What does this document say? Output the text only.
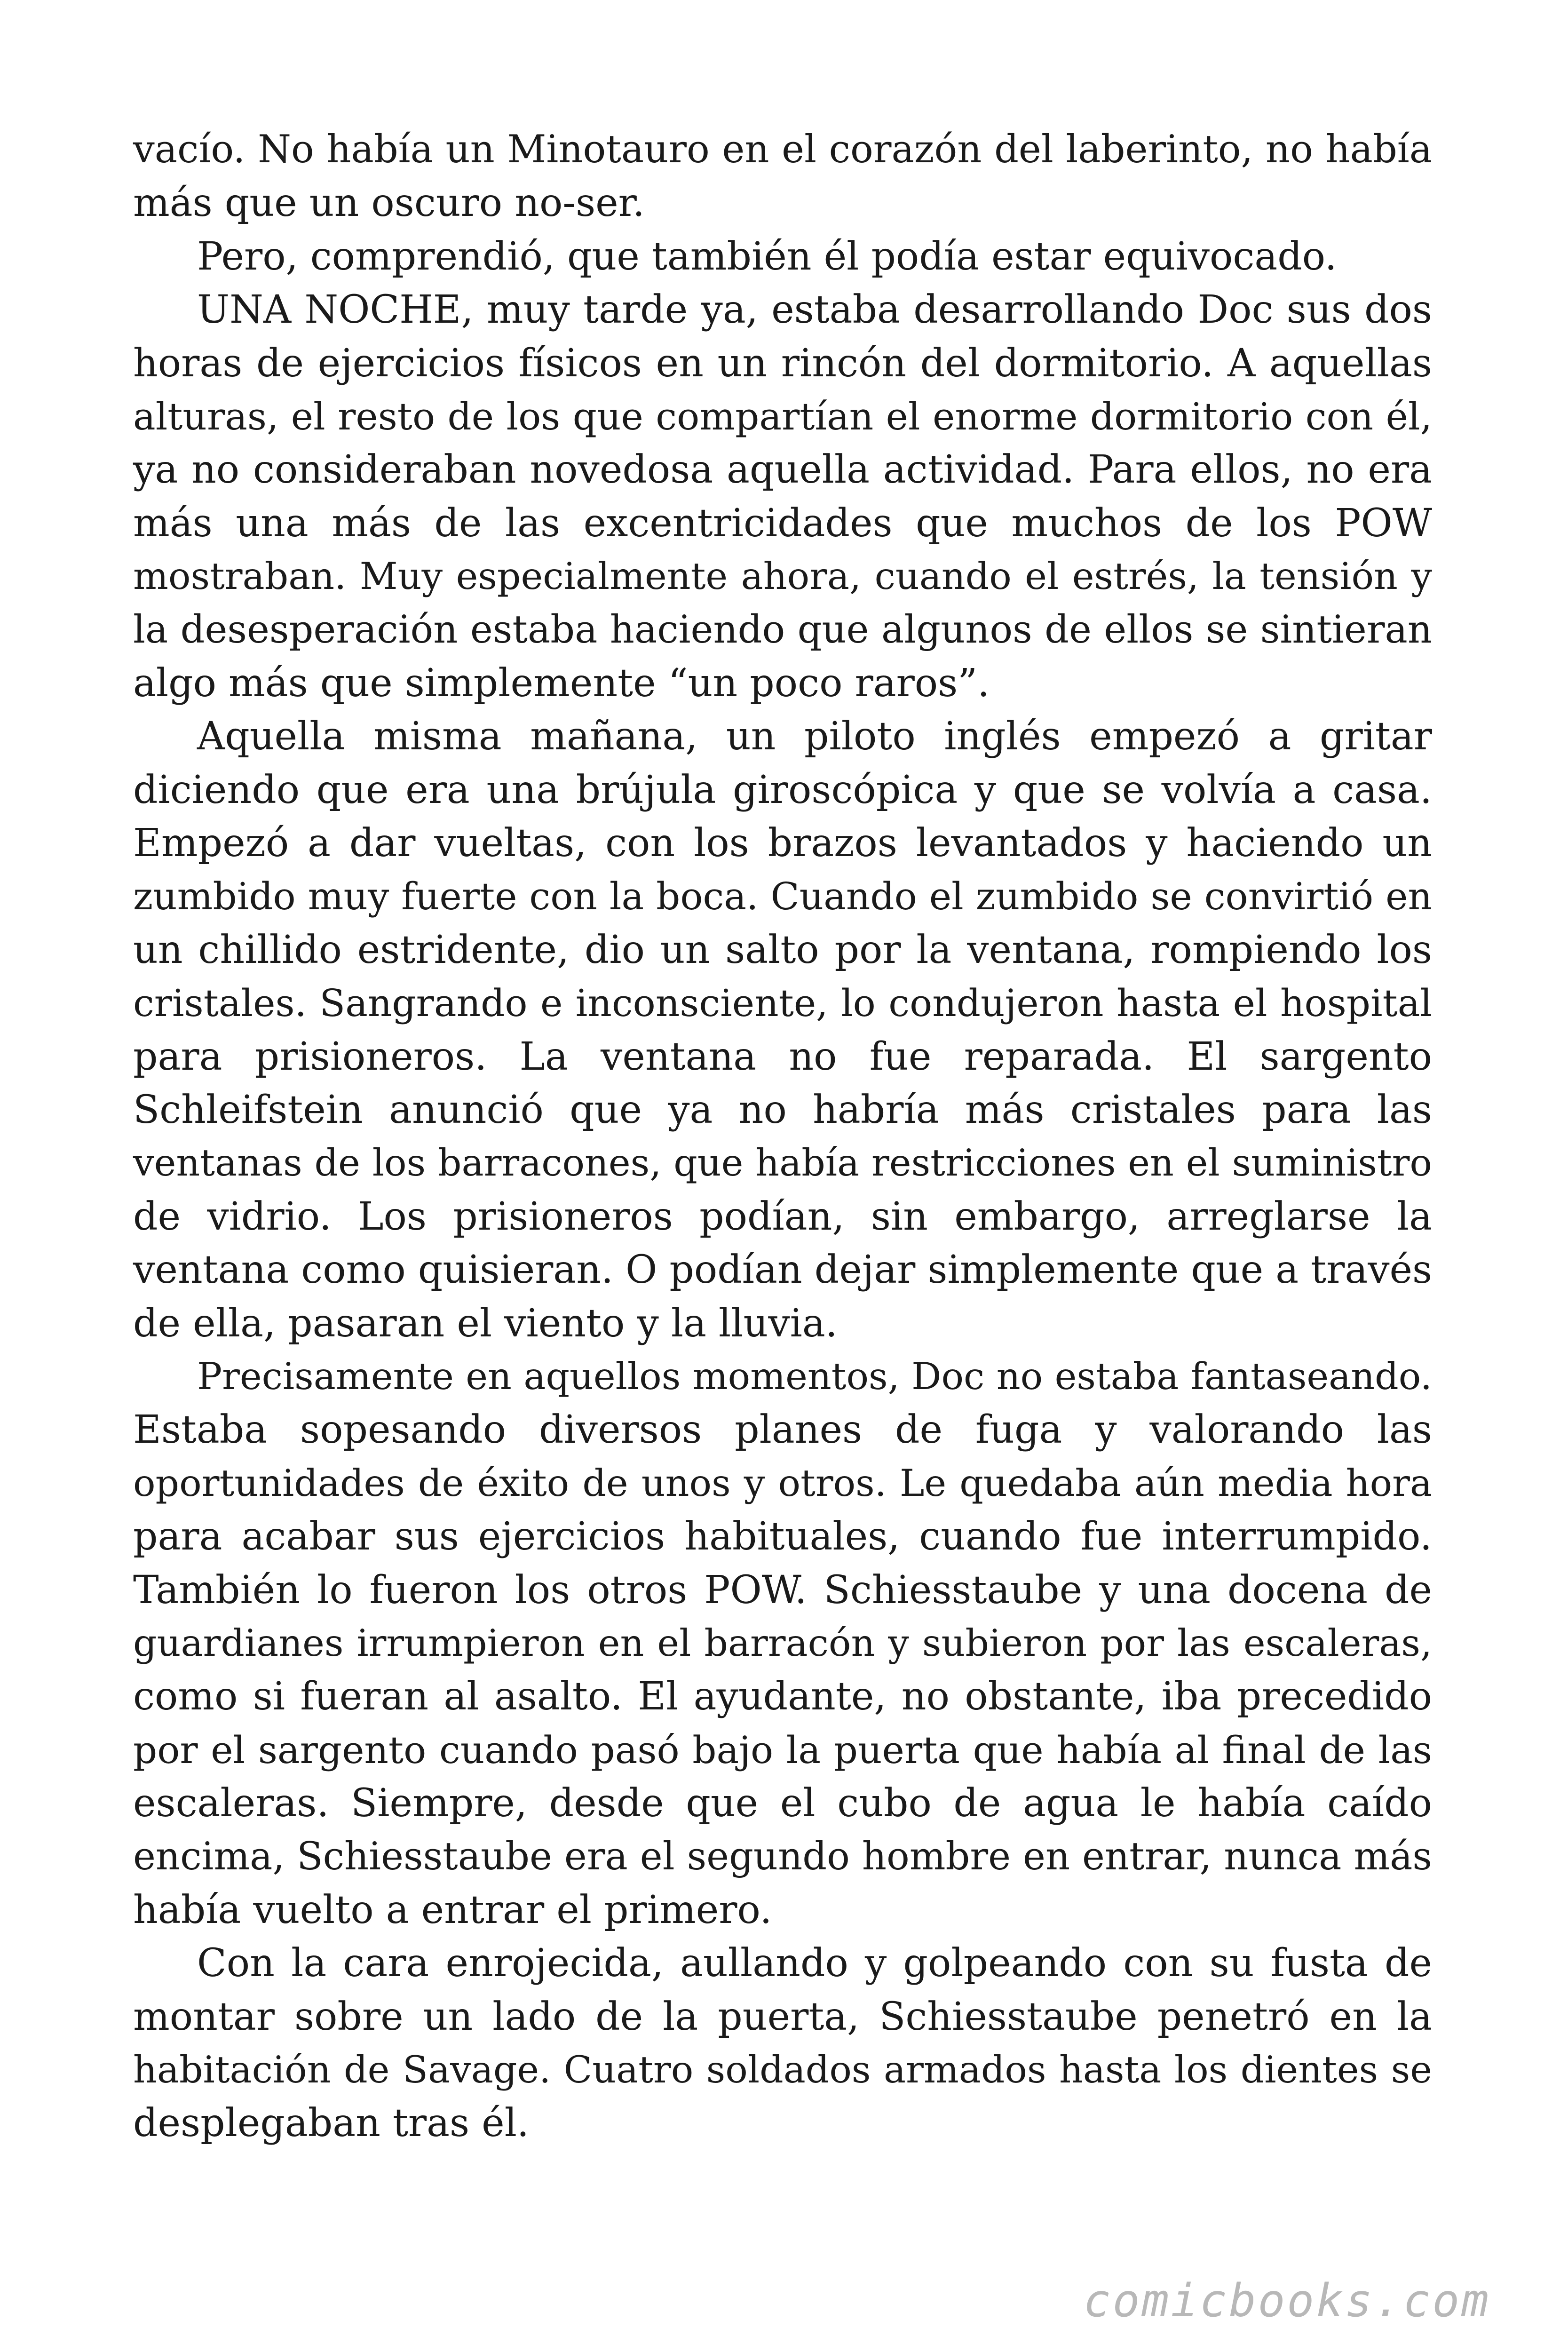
vacío. No había un Minotauro en el corazón del laberinto, no había
más que un oscuro no-ser.
Pero, comprendió, que también él podía estar equivocado.
UNA NOCHE, muy tarde ya, estaba desarrollando Doc sus dos
horas de ejercicios físicos en un rincón del dormitorio. A aquellas
alturas, el resto de los que compartían el enorme dormitorio con él,
ya no consideraban novedosa aquella actividad. Para ellos, no era
más una más de las excentricidades que muchos de los POW
mostraban. Muy especialmente ahora, cuando el estrés, la tensión y
la desesperación estaba haciendo que algunos de ellos se sintieran
algo más que simplemente “un poco raros”.
Aquella misma mañana, un piloto inglés empezó a gritar
diciendo que era una brújula giroscópica y que se volvía a casa.
Empezó a dar vueltas, con los brazos levantados y haciendo un
zumbido muy fuerte con la boca. Cuando el zumbido se convirtió en
un chillido estridente, dio un salto por la ventana, rompiendo los
cristales. Sangrando e inconsciente, lo condujeron hasta el hospital
para prisioneros. La ventana no fue reparada. El sargento
Schleifstein anunció que ya no habría más cristales para las
ventanas de los barracones, que había restricciones en el suministro
de vidrio. Los prisioneros podían, sin embargo, arreglarse la
ventana como quisieran. O podían dejar simplemente que a través
de ella, pasaran el viento y la lluvia.
Precisamente en aquellos momentos, Doc no estaba fantaseando.
Estaba sopesando diversos planes de fuga y valorando las
oportunidades de éxito de unos y otros. Le quedaba aún media hora
para acabar sus ejercicios habituales, cuando fue interrumpido.
También lo fueron los otros POW. Schiesstaube y una docena de
guardianes irrumpieron en el barracón y subieron por las escaleras,
como si fueran al asalto. El ayudante, no obstante, iba precedido
por el sargento cuando pasó bajo la puerta que había al final de las
escaleras. Siempre, desde que el cubo de agua le había caído
encima, Schiesstaube era el segundo hombre en entrar, nunca más
había vuelto a entrar el primero.
Con la cara enrojecida, aullando y golpeando con su fusta de
montar sobre un lado de la puerta, Schiesstaube penetró en la
habitación de Savage. Cuatro soldados armados hasta los dientes se
desplegaban tras él.
comicbooks.com
